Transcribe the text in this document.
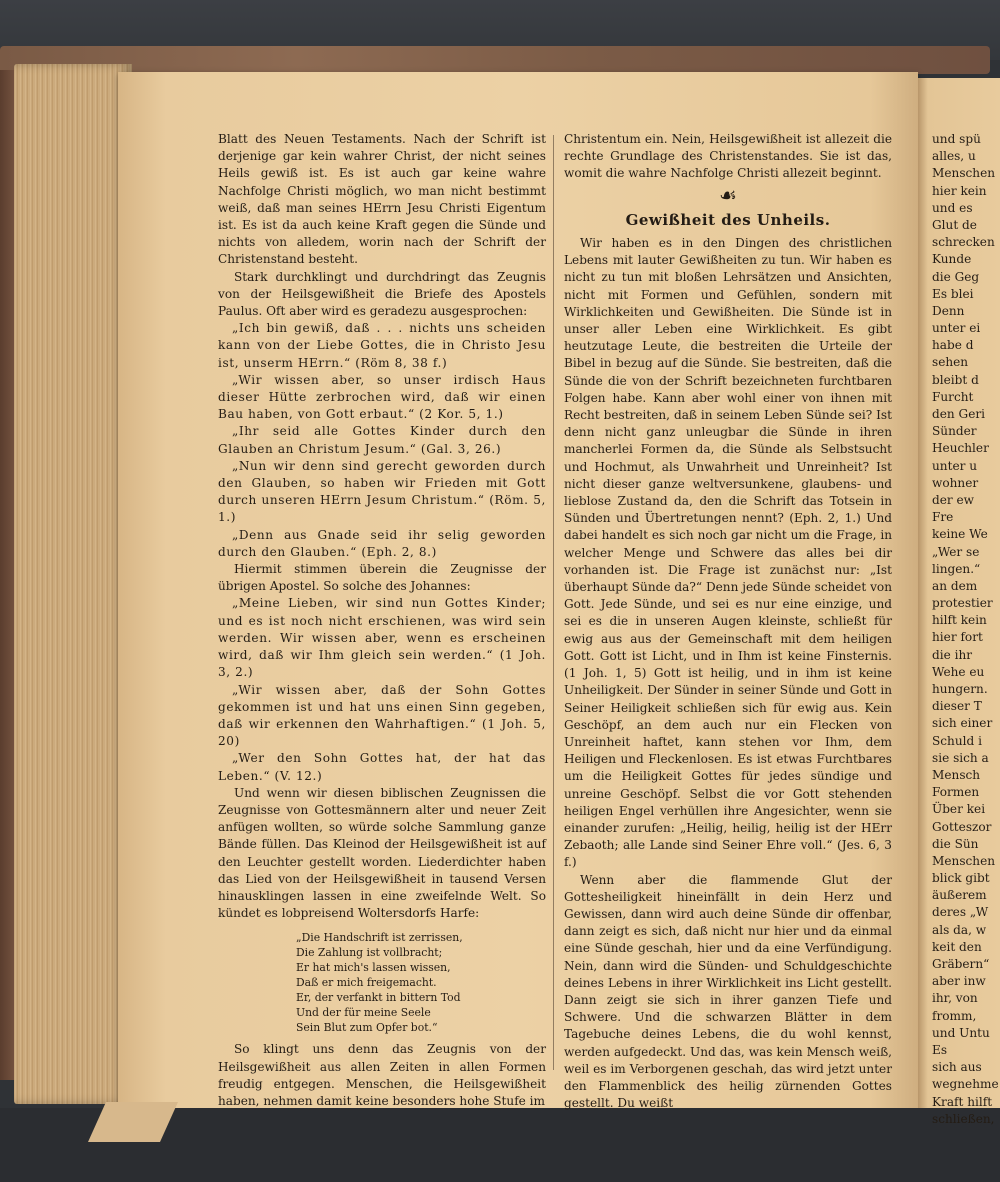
Blatt des Neuen Testaments. Nach der Schrift ist derjenige gar kein wahrer Christ, der nicht seines Heils gewiß ist. Es ist auch gar keine wahre Nachfolge Christi möglich, wo man nicht bestimmt weiß, daß man seines HErrn Jesu Christi Eigentum ist. Es ist da auch keine Kraft gegen die Sünde und nichts von alledem, worin nach der Schrift der Christenstand besteht.

Stark durchklingt und durchdringt das Zeugnis von der Heilsgewißheit die Briefe des Apostels Paulus. Oft aber wird es geradezu ausgesprochen:

„Ich bin gewiß, daß . . . nichts uns scheiden kann von der Liebe Gottes, die in Christo Jesu ist, unserm HErrn.“ (Röm 8, 38 f.)

„Wir wissen aber, so unser irdisch Haus dieser Hütte zerbrochen wird, daß wir einen Bau haben, von Gott erbaut.“ (2 Kor. 5, 1.)

„Ihr seid alle Gottes Kinder durch den Glauben an Christum Jesum.“ (Gal. 3, 26.)

„Nun wir denn sind gerecht geworden durch den Glauben, so haben wir Frieden mit Gott durch unseren HErrn Jesum Christum.“ (Röm. 5, 1.)

„Denn aus Gnade seid ihr selig geworden durch den Glauben.“ (Eph. 2, 8.)

Hiermit stimmen überein die Zeugnisse der übrigen Apostel. So solche des Johannes:

„Meine Lieben, wir sind nun Gottes Kinder; und es ist noch nicht erschienen, was wird sein werden. Wir wissen aber, wenn es erscheinen wird, daß wir Ihm gleich sein werden.“ (1 Joh. 3, 2.)

„Wir wissen aber, daß der Sohn Gottes gekommen ist und hat uns einen Sinn gegeben, daß wir erkennen den Wahrhaftigen.“ (1 Joh. 5, 20)

„Wer den Sohn Gottes hat, der hat das Leben.“ (V. 12.)

Und wenn wir diesen biblischen Zeugnissen die Zeugnisse von Gottesmännern alter und neuer Zeit anfügen wollten, so würde solche Sammlung ganze Bände füllen. Das Kleinod der Heilsgewißheit ist auf den Leuchter gestellt worden. Liederdichter haben das Lied von der Heilsgewißheit in tausend Versen hinausklingen lassen in eine zweifelnde Welt. So kündet es lobpreisend Woltersdorfs Harfe:

„Die Handschrift ist zerrissen,
Die Zahlung ist vollbracht;
Er hat mich's lassen wissen,
Daß er mich freigemacht.
Er, der verfankt in bittern Tod
Und der für meine Seele
Sein Blut zum Opfer bot.“

So klingt uns denn das Zeugnis von der Heilsgewißheit aus allen Zeiten in allen Formen freudig entgegen. Menschen, die Heilsgewißheit haben, nehmen damit keine besonders hohe Stufe im

Christentum ein. Nein, Heilsgewißheit ist allezeit die rechte Grundlage des Christenstandes. Sie ist das, womit die wahre Nachfolge Christi allezeit beginnt.

☙
Gewißheit des Unheils.

Wir haben es in den Dingen des christlichen Lebens mit lauter Gewißheiten zu tun. Wir haben es nicht zu tun mit bloßen Lehrsätzen und Ansichten, nicht mit Formen und Gefühlen, sondern mit Wirklichkeiten und Gewißheiten. Die Sünde ist in unser aller Leben eine Wirklichkeit. Es gibt heutzutage Leute, die bestreiten die Urteile der Bibel in bezug auf die Sünde. Sie bestreiten, daß die Sünde die von der Schrift bezeichneten furchtbaren Folgen habe. Kann aber wohl einer von ihnen mit Recht bestreiten, daß in seinem Leben Sünde sei? Ist denn nicht ganz unleugbar die Sünde in ihren mancherlei Formen da, die Sünde als Selbstsucht und Hochmut, als Unwahrheit und Unreinheit? Ist nicht dieser ganze weltversunkene, glaubens- und lieblose Zustand da, den die Schrift das Totsein in Sünden und Übertretungen nennt? (Eph. 2, 1.) Und dabei handelt es sich noch gar nicht um die Frage, in welcher Menge und Schwere das alles bei dir vorhanden ist. Die Frage ist zunächst nur: „Ist überhaupt Sünde da?“ Denn jede Sünde scheidet von Gott. Jede Sünde, und sei es nur eine einzige, und sei es die in unseren Augen kleinste, schließt für ewig aus aus der Gemeinschaft mit dem heiligen Gott. Gott ist Licht, und in Ihm ist keine Finsternis. (1 Joh. 1, 5) Gott ist heilig, und in ihm ist keine Unheiligkeit. Der Sünder in seiner Sünde und Gott in Seiner Heiligkeit schließen sich für ewig aus. Kein Geschöpf, an dem auch nur ein Flecken von Unreinheit haftet, kann stehen vor Ihm, dem Heiligen und Fleckenlosen. Es ist etwas Furchtbares um die Heiligkeit Gottes für jedes sündige und unreine Geschöpf. Selbst die vor Gott stehenden heiligen Engel verhüllen ihre Angesichter, wenn sie einander zurufen: „Heilig, heilig, heilig ist der HErr Zebaoth; alle Lande sind Seiner Ehre voll.“ (Jes. 6, 3 f.)

Wenn aber die flammende Glut der Gottesheiligkeit hineinfällt in dein Herz und Gewissen, dann wird auch deine Sünde dir offenbar, dann zeigt es sich, daß nicht nur hier und da einmal eine Sünde geschah, hier und da eine Verfündigung. Nein, dann wird die Sünden- und Schuldgeschichte deines Lebens in ihrer Wirklichkeit ins Licht gestellt. Dann zeigt sie sich in ihrer ganzen Tiefe und Schwere. Und die schwarzen Blätter in dem Tagebuche deines Lebens, die du wohl kennst, werden aufgedeckt. Und das, was kein Mensch weiß, weil es im Verborgenen geschah, das wird jetzt unter den Flammenblick des heilig zürnenden Gottes gestellt. Du weißt

und spü
alles, u
Menschen
hier kein
und es
Glut de
schrecken
Kunde
die Geg
Es blei
Denn
unter ei
habe d
sehen
bleibt d
Furcht
den Geri
Sünder
Heuchler
unter u
wohner
der ew
Fre
keine We
„Wer se
lingen.“
an dem
protestier
hilft kein
hier fort
die ihr
Wehe eu
hungern.
dieser T
sich einer
Schuld i
sie sich a
Mensch
Formen
Über kei
Gotteszor
die Sün
Menschen
blick gibt
äußerem
deres „W
als da, w
keit den
Gräbern“
aber inw
ihr, von
fromm,
und Untu
Es
sich aus
wegnehme
Kraft hilft
schließen,
